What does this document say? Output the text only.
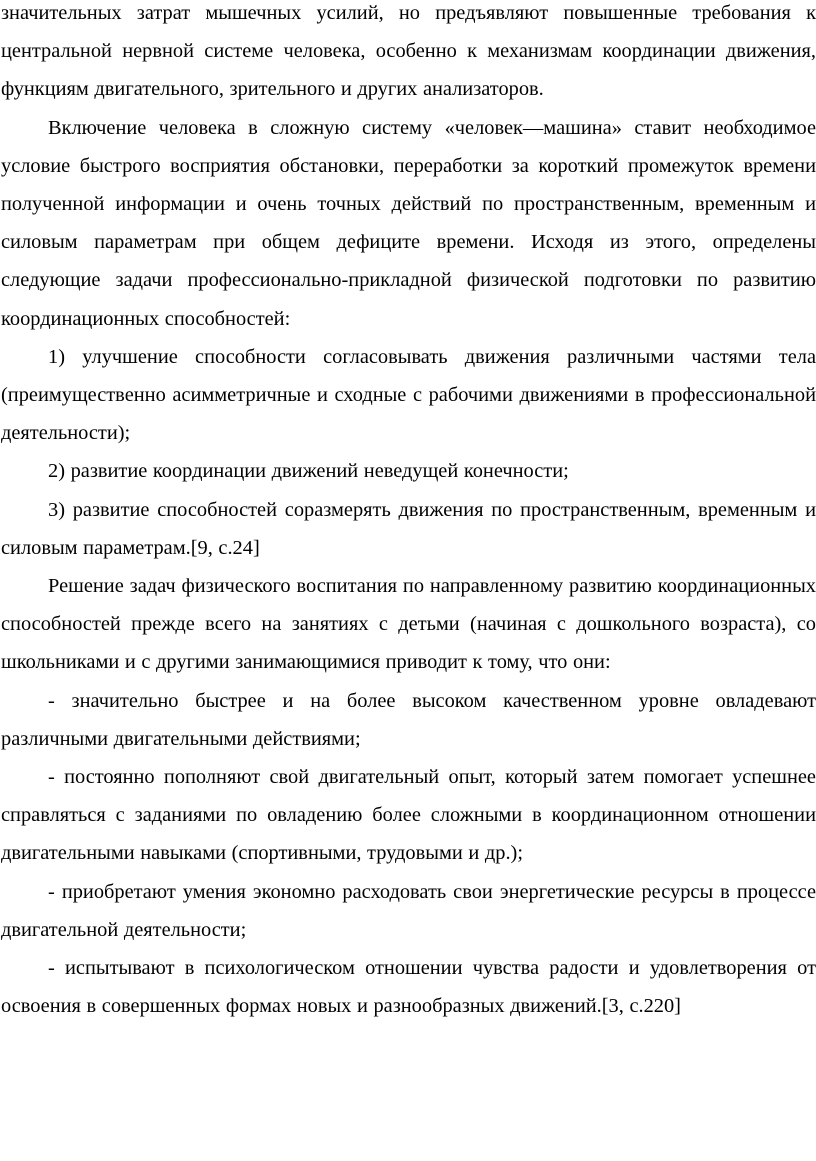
значительных затрат мышечных усилий, но предъявляют повышенные требования к центральной нервной системе человека, особенно к механизмам координации движения, функциям двигательного, зрительного и других анализаторов.

Включение человека в сложную систему «человек—машина» ставит необходимое условие быстрого восприятия обстановки, переработки за короткий промежуток времени полученной информации и очень точных действий по пространственным, временным и силовым параметрам при общем дефиците времени. Исходя из этого, определены следующие задачи профессионально-прикладной физической подготовки по развитию координационных способностей:

1) улучшение способности согласовывать движения различными частями тела (преимущественно асимметричные и сходные с рабочими движениями в профессиональной деятельности);

2) развитие координации движений неведущей конечности;

3) развитие способностей соразмерять движения по пространственным, временным и силовым параметрам.[9, с.24]

Решение задач физического воспитания по направленному развитию координационных способностей прежде всего на занятиях с детьми (начиная с дошкольного возраста), со школьниками и с другими занимающимися приводит к тому, что они:

- значительно быстрее и на более высоком качественном уровне овладевают различными двигательными действиями;

- постоянно пополняют свой двигательный опыт, который затем помогает успешнее справляться с заданиями по овладению более сложными в координационном отношении двигательными навыками (спортивными, трудовыми и др.);

- приобретают умения экономно расходовать свои энергетические ресурсы в процессе двигательной деятельности;

- испытывают в психологическом отношении чувства радости и удовлетворения от освоения в совершенных формах новых и разнообразных движений.[3, с.220]
